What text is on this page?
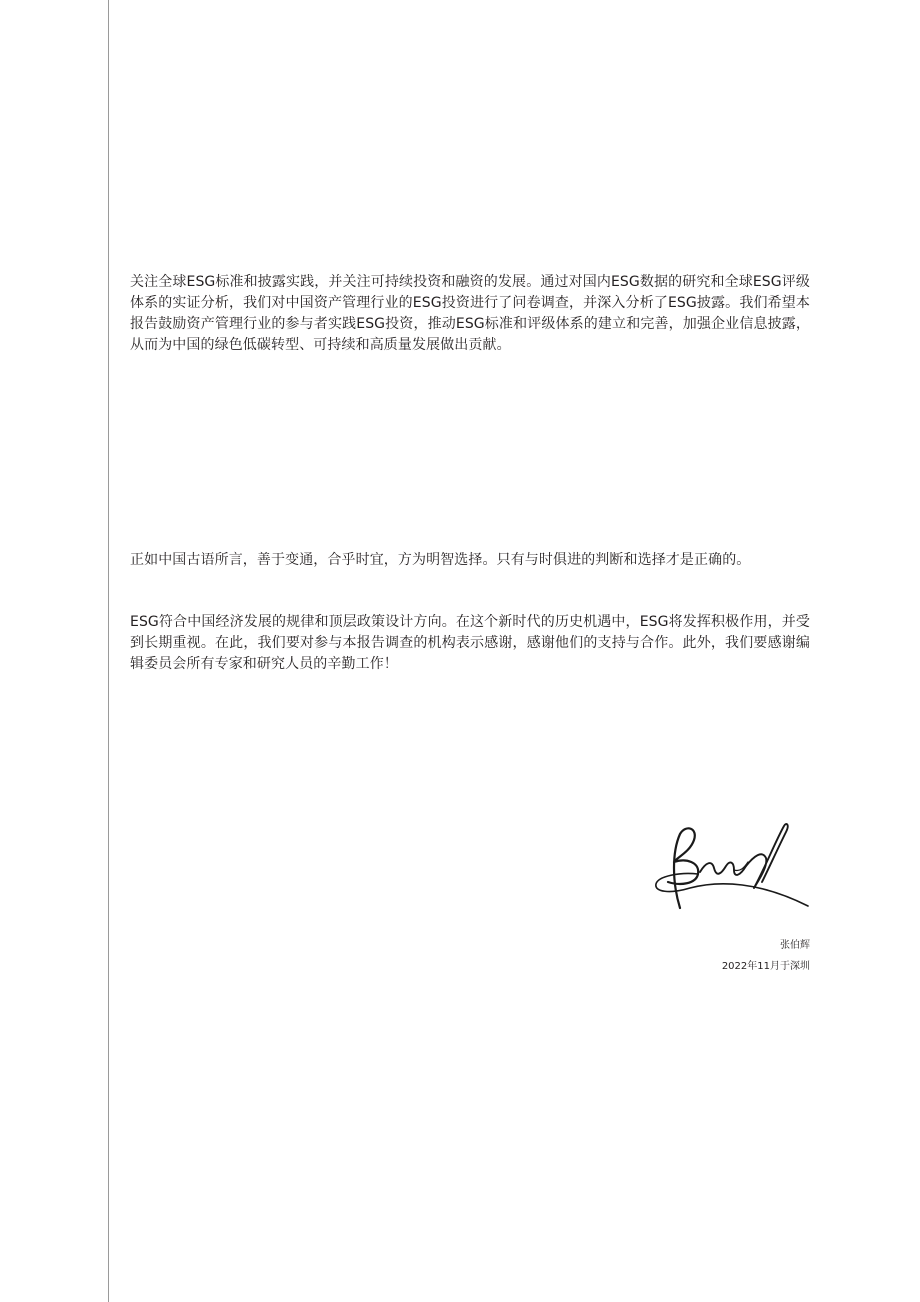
关注全球ESG标准和披露实践，并关注可持续投资和融资的发展。通过对国内ESG数据的研究和全球ESG评级体系的实证分析，我们对中国资产管理行业的ESG投资进行了问卷调查，并深入分析了ESG披露。我们希望本报告鼓励资产管理行业的参与者实践ESG投资，推动ESG标准和评级体系的建立和完善，加强企业信息披露，从而为中国的绿色低碳转型、可持续和高质量发展做出贡献。

正如中国古语所言，善于变通，合乎时宜，方为明智选择。只有与时俱进的判断和选择才是正确的。

ESG符合中国经济发展的规律和顶层政策设计方向。在这个新时代的历史机遇中，ESG将发挥积极作用，并受到长期重视。在此，我们要对参与本报告调查的机构表示感谢，感谢他们的支持与合作。此外，我们要感谢编辑委员会所有专家和研究人员的辛勤工作！

张伯辉
2022年11月于深圳
